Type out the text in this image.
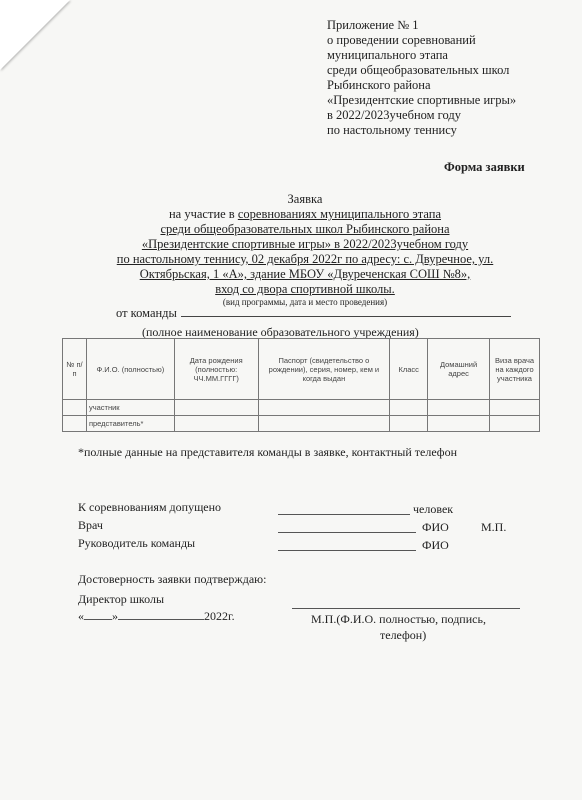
Приложение № 1
о проведении соревнований
муниципального этапа
среди общеобразовательных школ
Рыбинского района
«Президентские спортивные игры»
в 2022/2023учебном году
по настольному теннису
Форма заявки
Заявка
на участие в соревнованиях муниципального этапа
среди общеобразовательных школ Рыбинского района
«Президентские спортивные игры» в 2022/2023учебном году
по настольному теннису, 02 декабря 2022г по адресу: с. Двуречное, ул.
Октябрьская, 1 «А», здание МБОУ «Двуреченская СОШ №8»,
вход со двора спортивной школы.
(вид программы, дата и место проведения)
от команды
(полное наименование образовательного учреждения)
№ п/п	Ф.И.О. (полностью)	Дата рождения (полностью: ЧЧ.ММ.ГГГГ)	Паспорт (свидетельство о рождении), серия, номер, кем и когда выдан	Класс	Домашний адрес	Виза врача на каждого участника
	участник					
	представитель*					
*полные данные на представителя команды в заявке, контактный телефон
К соревнованиям допущено	человек
Врач	ФИО	М.П.
Руководитель команды	ФИО
Достоверность заявки подтверждаю:
Директор школы
« »	2022г.	М.П.(Ф.И.О. полностью, подпись,
телефон)
